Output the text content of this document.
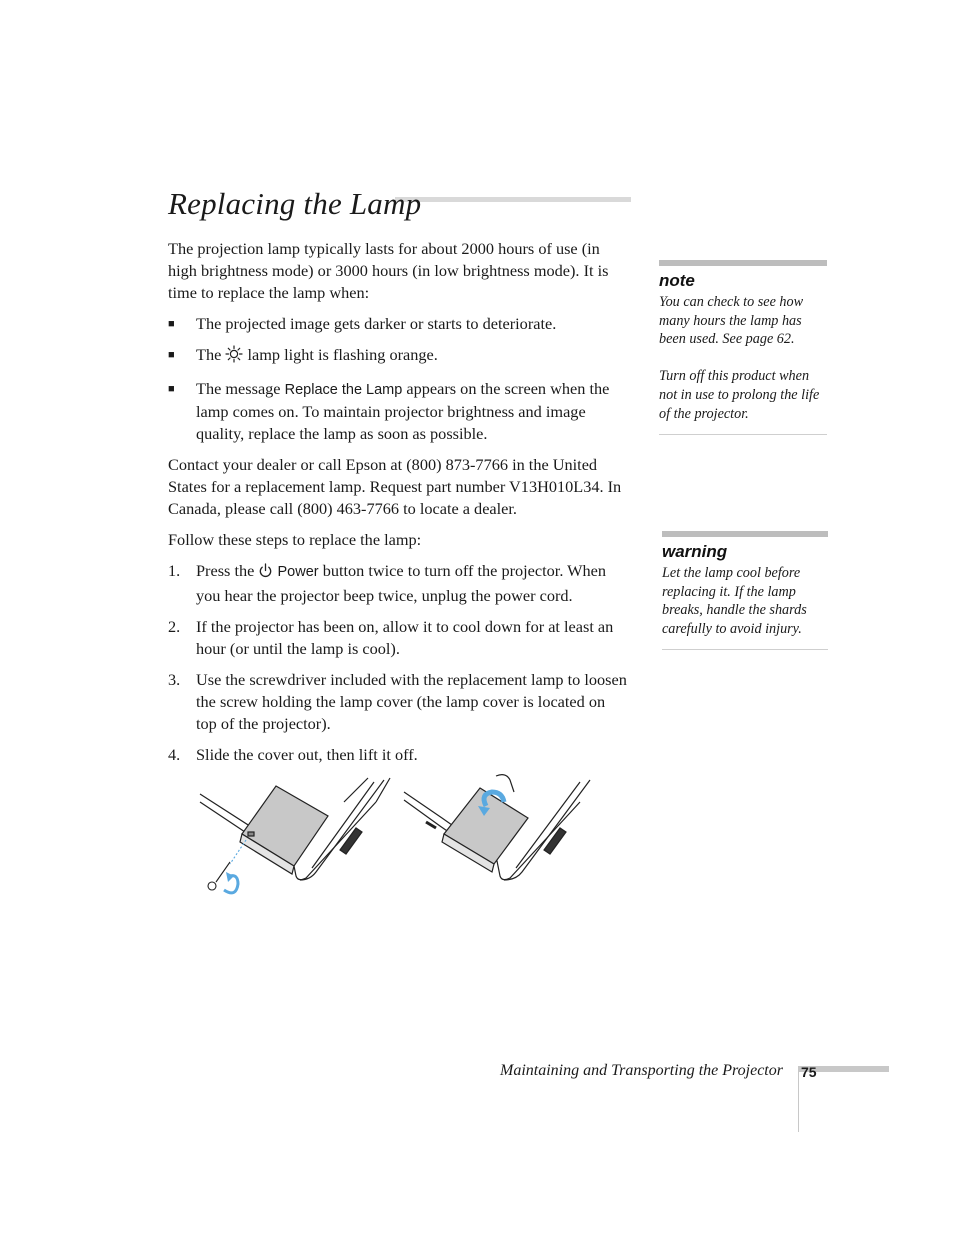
Replacing the Lamp

The projection lamp typically lasts for about 2000 hours of use (in high brightness mode) or 3000 hours (in low brightness mode). It is time to replace the lamp when:

■ The projected image gets darker or starts to deteriorate.
■ The lamp light is flashing orange.
■ The message Replace the Lamp appears on the screen when the lamp comes on. To maintain projector brightness and image quality, replace the lamp as soon as possible.

Contact your dealer or call Epson at (800) 873-7766 in the United States for a replacement lamp. Request part number V13H010L34. In Canada, please call (800) 463-7766 to locate a dealer.

Follow these steps to replace the lamp:

1. Press the Power button twice to turn off the projector. When you hear the projector beep twice, unplug the power cord.
2. If the projector has been on, allow it to cool down for at least an hour (or until the lamp is cool).
3. Use the screwdriver included with the replacement lamp to loosen the screw holding the lamp cover (the lamp cover is located on top of the projector).
4. Slide the cover out, then lift it off.
note

You can check to see how many hours the lamp has been used. See page 62.

Turn off this product when not in use to prolong the life of the projector.

warning

Let the lamp cool before replacing it. If the lamp breaks, handle the shards carefully to avoid injury.

Maintaining and Transporting the Projector 75
